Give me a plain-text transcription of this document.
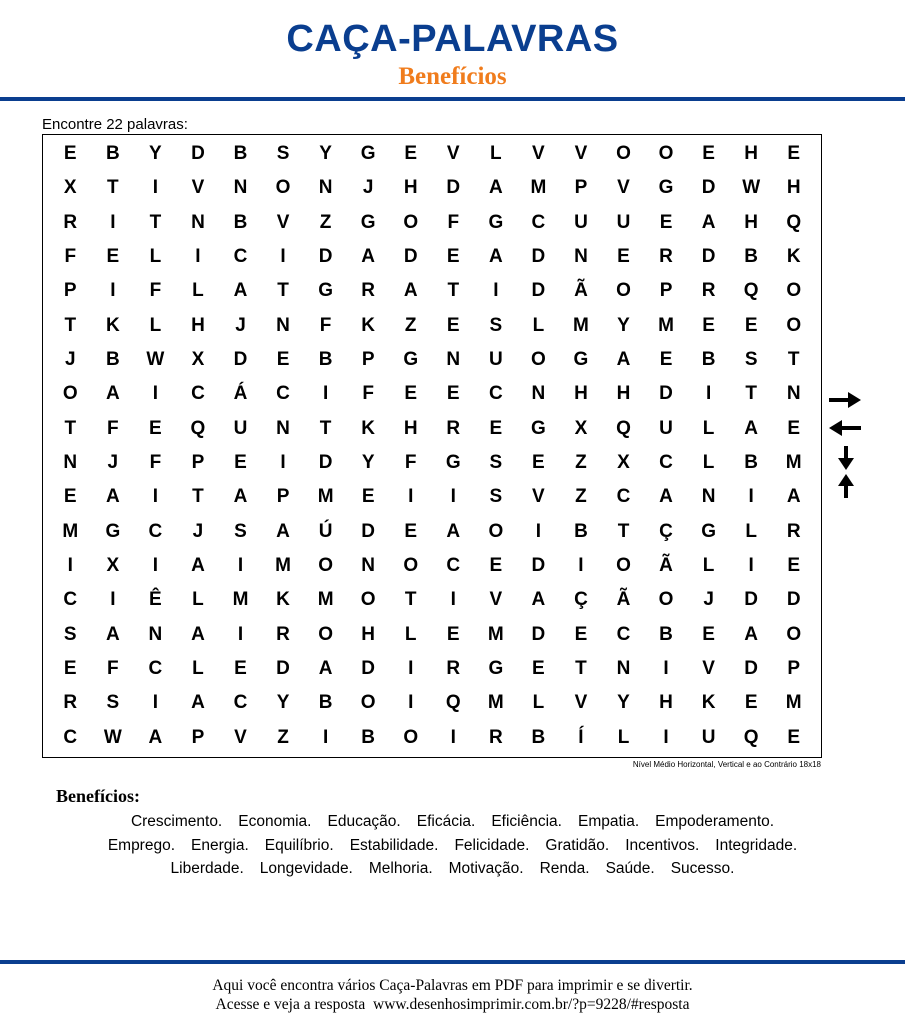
CAÇA-PALAVRAS
Benefícios
Encontre 22 palavras:
E	B	Y	D	B	S	Y	G	E	V	L	V	V	O	O	E	H	E
X	T	I	V	N	O	N	J	H	D	A	M	P	V	G	D	W	H
R	I	T	N	B	V	Z	G	O	F	G	C	U	U	E	A	H	Q
F	E	L	I	C	I	D	A	D	E	A	D	N	E	R	D	B	K
P	I	F	L	A	T	G	R	A	T	I	D	Ã	O	P	R	Q	O
T	K	L	H	J	N	F	K	Z	E	S	L	M	Y	M	E	E	O
J	B	W	X	D	E	B	P	G	N	U	O	G	A	E	B	S	T
O	A	I	C	Á	C	I	F	E	E	C	N	H	H	D	I	T	N
T	F	E	Q	U	N	T	K	H	R	E	G	X	Q	U	L	A	E
N	J	F	P	E	I	D	Y	F	G	S	E	Z	X	C	L	B	M
E	A	I	T	A	P	M	E	I	I	S	V	Z	C	A	N	I	A
M	G	C	J	S	A	Ú	D	E	A	O	I	B	T	Ç	G	L	R
I	X	I	A	I	M	O	N	O	C	E	D	I	O	Ã	L	I	E
C	I	Ê	L	M	K	M	O	T	I	V	A	Ç	Ã	O	J	D	D
S	A	N	A	I	R	O	H	L	E	M	D	E	C	B	E	A	O
E	F	C	L	E	D	A	D	I	R	G	E	T	N	I	V	D	P
R	S	I	A	C	Y	B	O	I	Q	M	L	V	Y	H	K	E	M
C	W	A	P	V	Z	I	B	O	I	R	B	Í	L	I	U	Q	E
Nível Médio Horizontal, Vertical e ao Contrário 18x18
Benefícios:
Crescimento. Economia. Educação. Eficácia. Eficiência. Empatia. Empoderamento.
Emprego. Energia. Equilíbrio. Estabilidade. Felicidade. Gratidão. Incentivos. Integridade.
Liberdade. Longevidade. Melhoria. Motivação. Renda. Saúde. Sucesso.
Aqui você encontra vários Caça-Palavras em PDF para imprimir e se divertir.
Acesse e veja a resposta www.desenhosimprimir.com.br/?p=9228/#resposta
